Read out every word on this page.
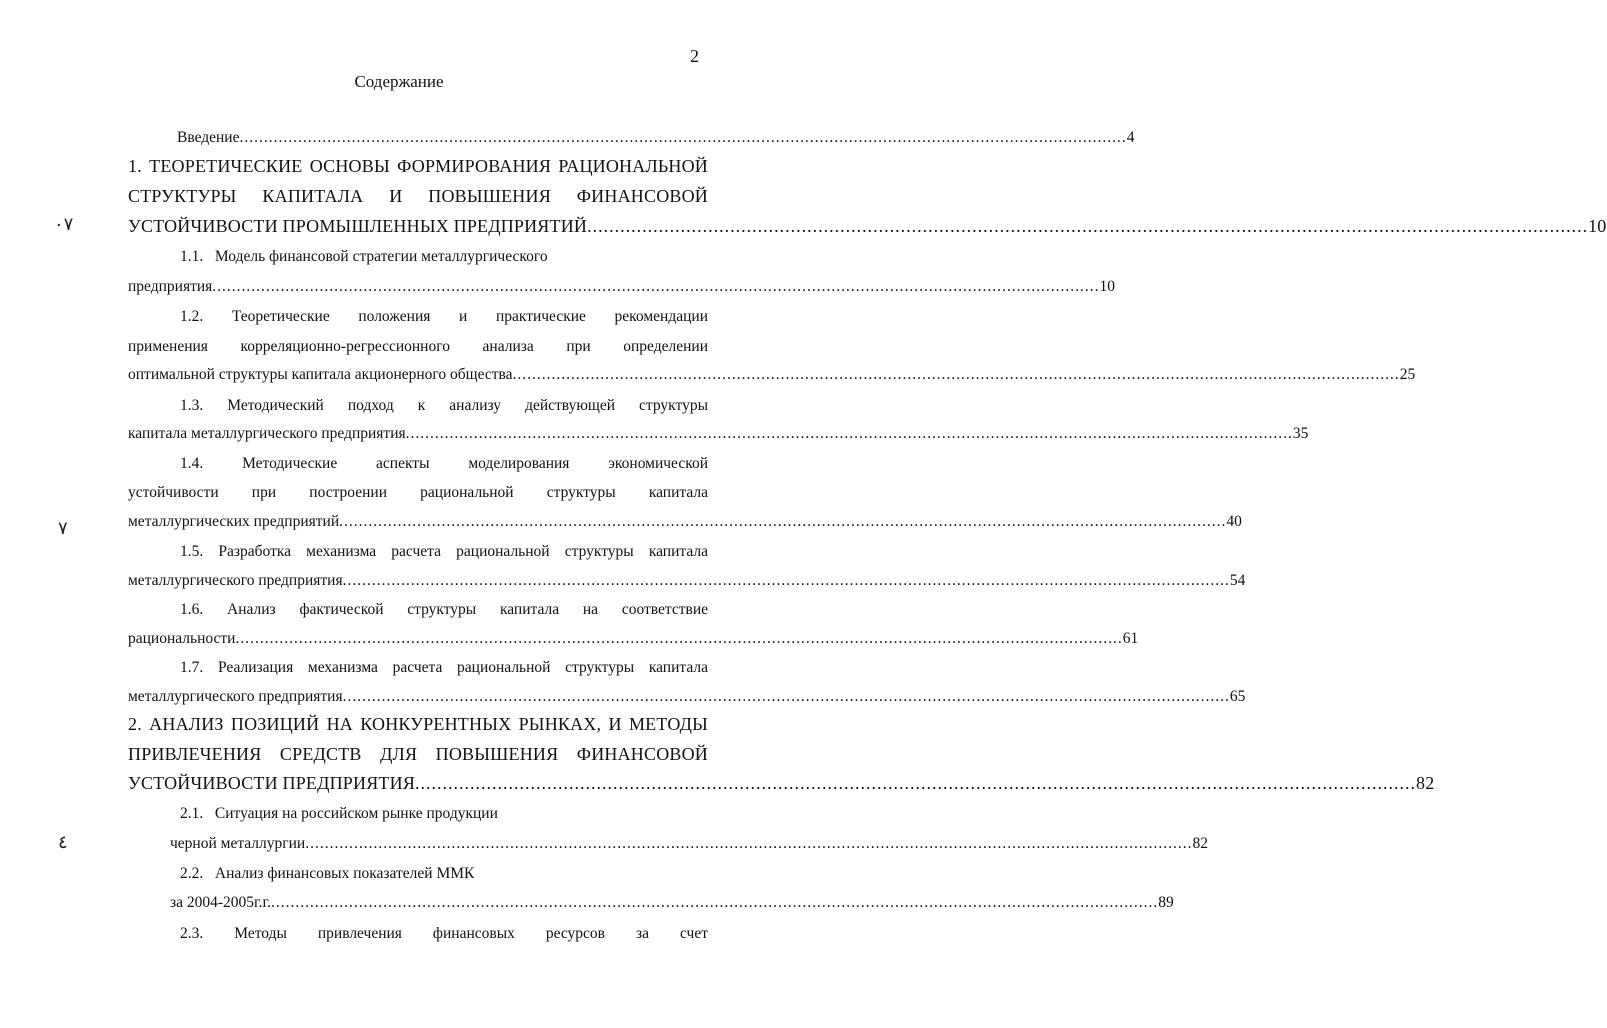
2
Содержание
Введение ...................................................................................................................................................................................... 4
1. ТЕОРЕТИЧЕСКИЕ ОСНОВЫ ФОРМИРОВАНИЯ РАЦИОНАЛЬНОЙ
СТРУКТУРЫ КАПИТАЛА И ПОВЫШЕНИЯ ФИНАНСОВОЙ
УСТОЙЧИВОСТИ ПРОМЫШЛЕННЫХ ПРЕДПРИЯТИЙ ...................................................................................................................................................................................... 10
1.1.   Модель финансовой стратегии металлургического
предприятия ...................................................................................................................................................................................... 10
1.2. Теоретические положения и практические рекомендации
применения корреляционно-регрессионного анализа при определении
оптимальной структуры капитала акционерного общества ...................................................................................................................................................................................... 25
1.3. Методический подход к анализу действующей структуры
капитала металлургического предприятия ...................................................................................................................................................................................... 35
1.4. Методические аспекты моделирования экономической
устойчивости при построении рациональной структуры капитала
металлургических предприятий ...................................................................................................................................................................................... 40
1.5. Разработка механизма расчета рациональной структуры капитала
металлургического предприятия ...................................................................................................................................................................................... 54
1.6. Анализ фактической структуры капитала на соответствие
рациональности ...................................................................................................................................................................................... 61
1.7. Реализация механизма расчета рациональной структуры капитала
металлургического предприятия ...................................................................................................................................................................................... 65
2. АНАЛИЗ ПОЗИЦИЙ НА КОНКУРЕНТНЫХ РЫНКАХ, И МЕТОДЫ
ПРИВЛЕЧЕНИЯ СРЕДСТВ ДЛЯ ПОВЫШЕНИЯ ФИНАНСОВОЙ
УСТОЙЧИВОСТИ ПРЕДПРИЯТИЯ ...................................................................................................................................................................................... 82
2.1.   Ситуация на российском рынке продукции
черной металлургии ...................................................................................................................................................................................... 82
2.2.   Анализ финансовых показателей ММК
за 2004-2005г.г. ...................................................................................................................................................................................... 89
2.3. Методы привлечения финансовых ресурсов за счет
٠٧
٧
٤
